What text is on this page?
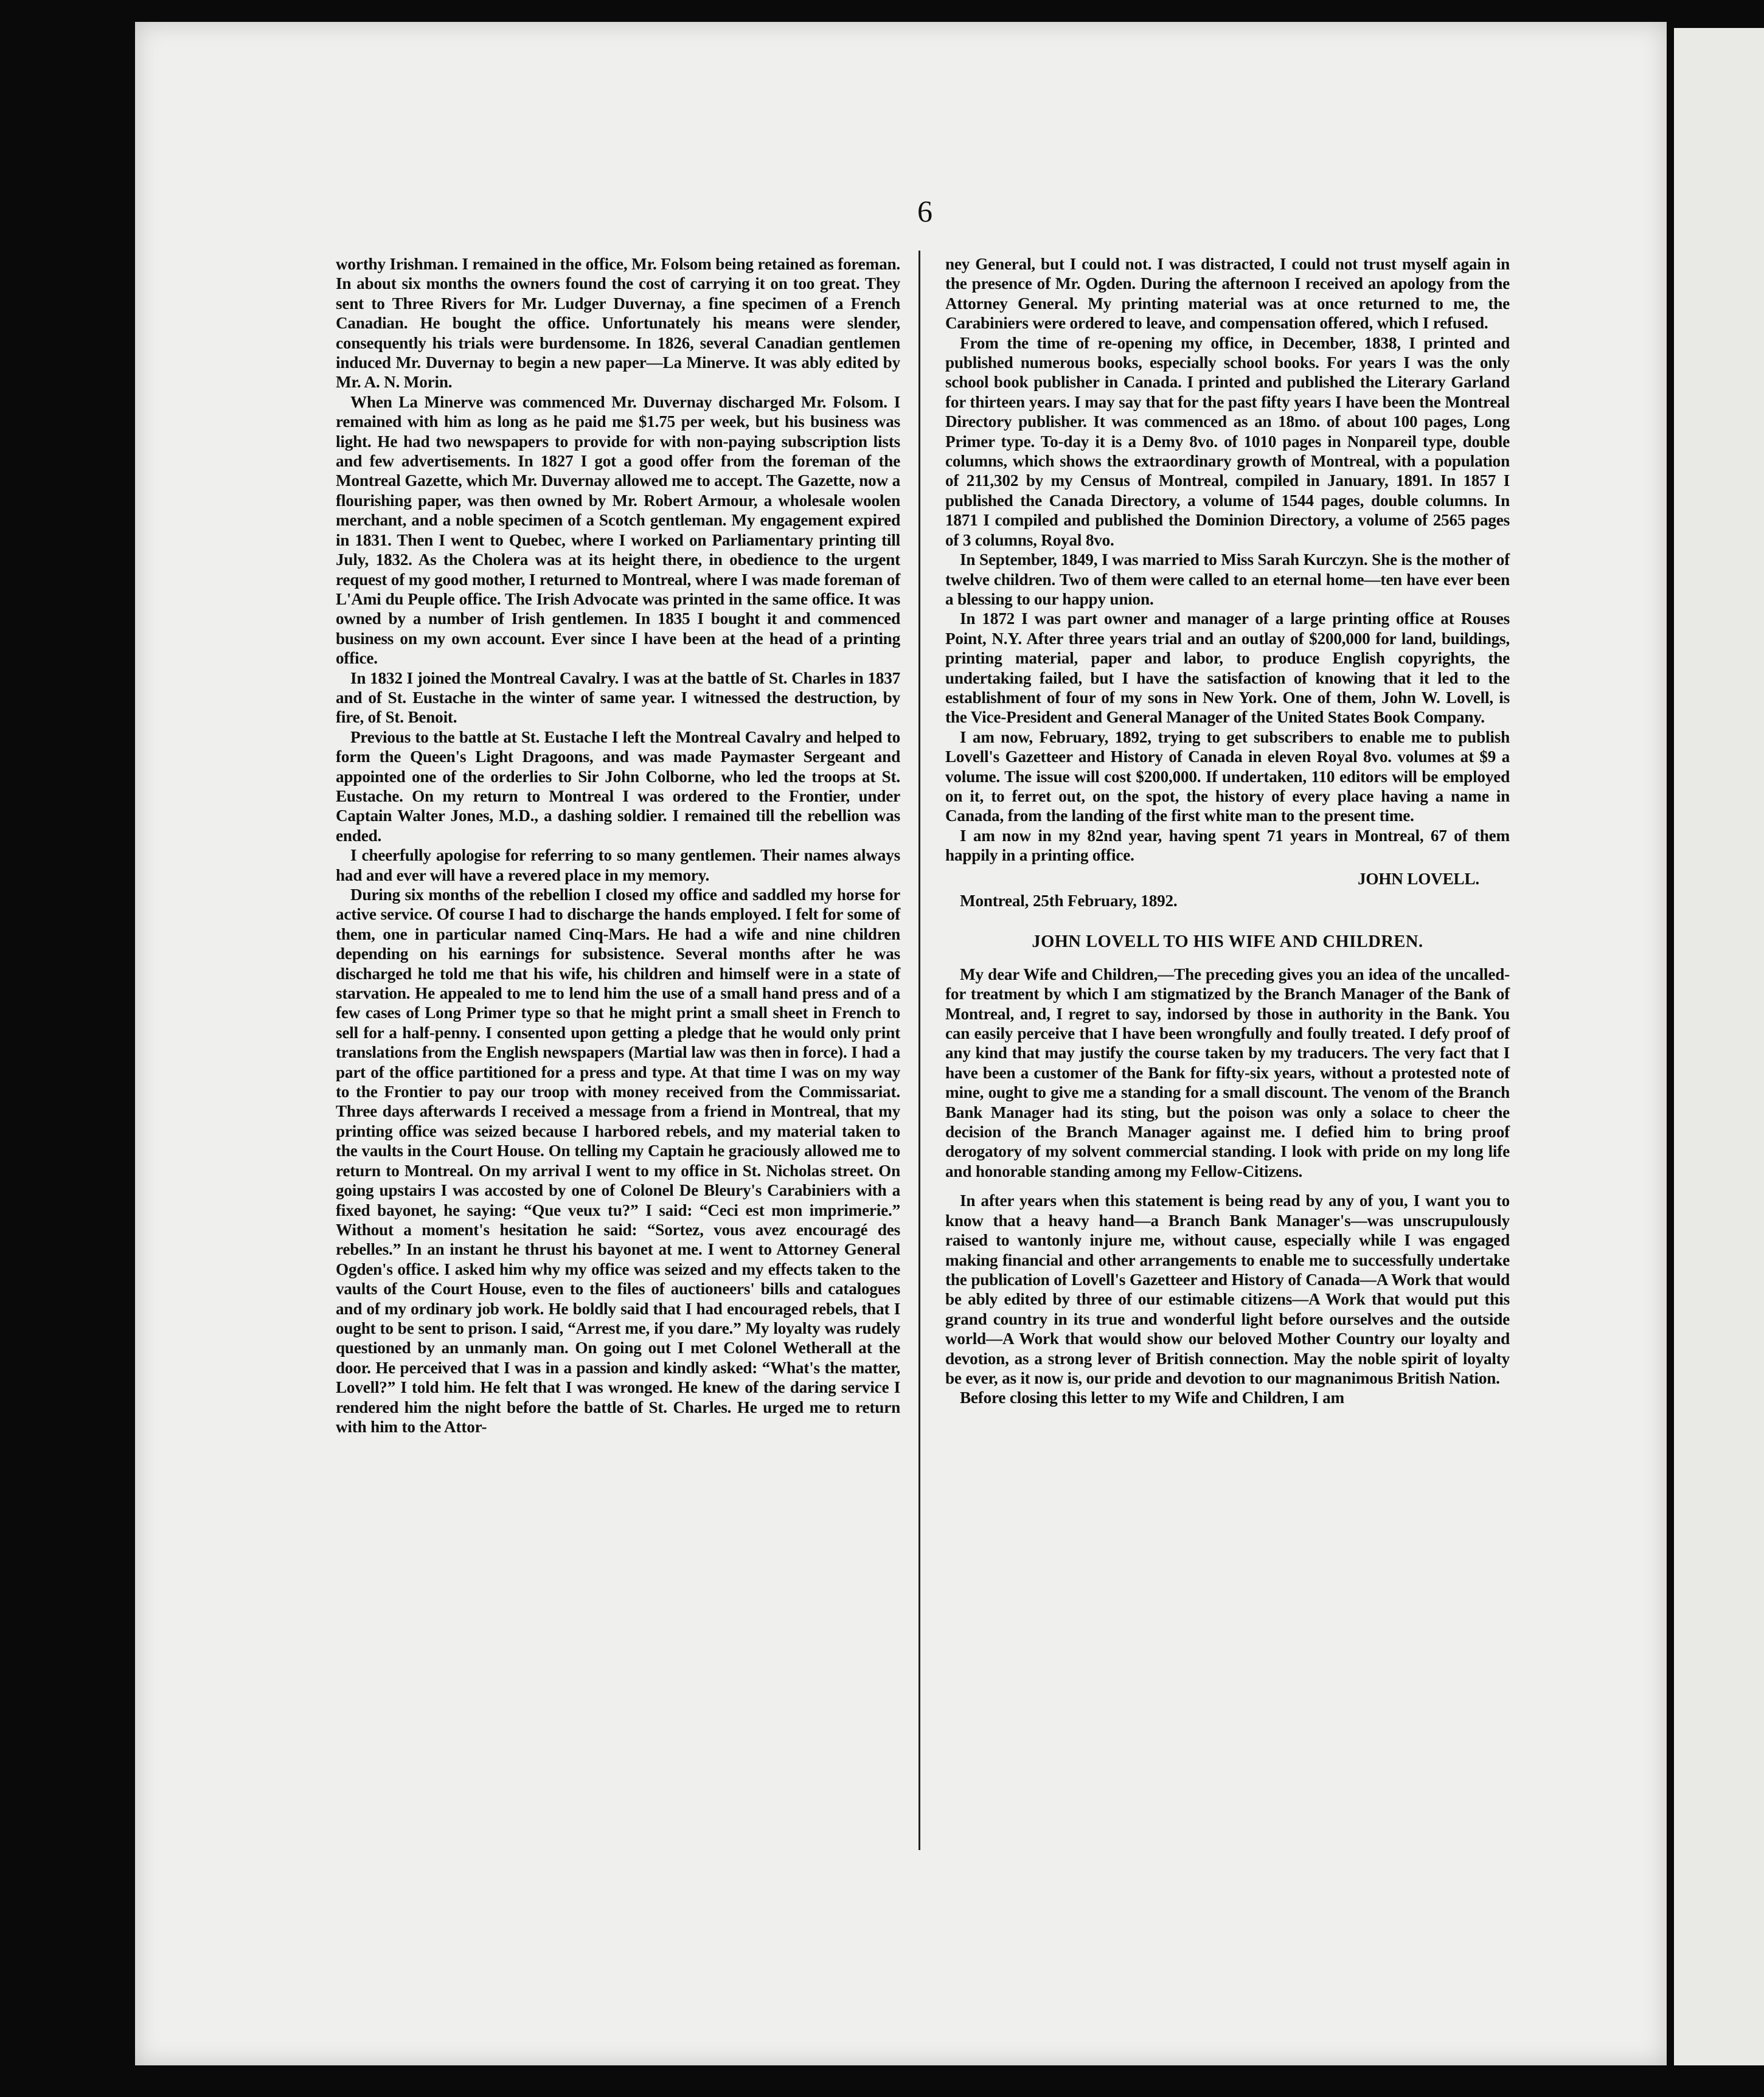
6

worthy Irishman. I remained in the office, Mr. Folsom being retained as foreman. In about six months the owners found the cost of carrying it on too great. They sent to Three Rivers for Mr. Ludger Duvernay, a fine specimen of a French Canadian. He bought the office. Unfortunately his means were slender, consequently his trials were burdensome. In 1826, several Canadian gentlemen induced Mr. Duvernay to begin a new paper—La Minerve. It was ably edited by Mr. A. N. Morin.

When La Minerve was commenced Mr. Duvernay discharged Mr. Folsom. I remained with him as long as he paid me $1.75 per week, but his business was light. He had two newspapers to provide for with non-paying subscription lists and few advertisements. In 1827 I got a good offer from the foreman of the Montreal Gazette, which Mr. Duvernay allowed me to accept. The Gazette, now a flourishing paper, was then owned by Mr. Robert Armour, a wholesale woolen merchant, and a noble specimen of a Scotch gentleman. My engagement expired in 1831. Then I went to Quebec, where I worked on Parliamentary printing till July, 1832. As the Cholera was at its height there, in obedience to the urgent request of my good mother, I returned to Montreal, where I was made foreman of L'Ami du Peuple office. The Irish Advocate was printed in the same office. It was owned by a number of Irish gentlemen. In 1835 I bought it and commenced business on my own account. Ever since I have been at the head of a printing office.

In 1832 I joined the Montreal Cavalry. I was at the battle of St. Charles in 1837 and of St. Eustache in the winter of same year. I witnessed the destruction, by fire, of St. Benoit.

Previous to the battle at St. Eustache I left the Montreal Cavalry and helped to form the Queen's Light Dragoons, and was made Paymaster Sergeant and appointed one of the orderlies to Sir John Colborne, who led the troops at St. Eustache. On my return to Montreal I was ordered to the Frontier, under Captain Walter Jones, M.D., a dashing soldier. I remained till the rebellion was ended.

I cheerfully apologise for referring to so many gentlemen. Their names always had and ever will have a revered place in my memory.

During six months of the rebellion I closed my office and saddled my horse for active service. Of course I had to discharge the hands employed. I felt for some of them, one in particular named Cinq-Mars. He had a wife and nine children depending on his earnings for subsistence. Several months after he was discharged he told me that his wife, his children and himself were in a state of starvation. He appealed to me to lend him the use of a small hand press and of a few cases of Long Primer type so that he might print a small sheet in French to sell for a half-penny. I consented upon getting a pledge that he would only print translations from the English newspapers (Martial law was then in force). I had a part of the office partitioned for a press and type. At that time I was on my way to the Frontier to pay our troop with money received from the Commissariat. Three days afterwards I received a message from a friend in Montreal, that my printing office was seized because I harbored rebels, and my material taken to the vaults in the Court House. On telling my Captain he graciously allowed me to return to Montreal. On my arrival I went to my office in St. Nicholas street. On going upstairs I was accosted by one of Colonel De Bleury's Carabiniers with a fixed bayonet, he saying: “Que veux tu?” I said: “Ceci est mon imprimerie.” Without a moment's hesitation he said: “Sortez, vous avez encouragé des rebelles.” In an instant he thrust his bayonet at me. I went to Attorney General Ogden's office. I asked him why my office was seized and my effects taken to the vaults of the Court House, even to the files of auctioneers' bills and catalogues and of my ordinary job work. He boldly said that I had encouraged rebels, that I ought to be sent to prison. I said, “Arrest me, if you dare.” My loyalty was rudely questioned by an unmanly man. On going out I met Colonel Wetherall at the door. He perceived that I was in a passion and kindly asked: “What's the matter, Lovell?” I told him. He felt that I was wronged. He knew of the daring service I rendered him the night before the battle of St. Charles. He urged me to return with him to the Attor-

ney General, but I could not. I was distracted, I could not trust myself again in the presence of Mr. Ogden. During the afternoon I received an apology from the Attorney General. My printing material was at once returned to me, the Carabiniers were ordered to leave, and compensation offered, which I refused.

From the time of re-opening my office, in December, 1838, I printed and published numerous books, especially school books. For years I was the only school book publisher in Canada. I printed and published the Literary Garland for thirteen years. I may say that for the past fifty years I have been the Montreal Directory publisher. It was commenced as an 18mo. of about 100 pages, Long Primer type. To-day it is a Demy 8vo. of 1010 pages in Nonpareil type, double columns, which shows the extraordinary growth of Montreal, with a population of 211,302 by my Census of Montreal, compiled in January, 1891. In 1857 I published the Canada Directory, a volume of 1544 pages, double columns. In 1871 I compiled and published the Dominion Directory, a volume of 2565 pages of 3 columns, Royal 8vo.

In September, 1849, I was married to Miss Sarah Kurczyn. She is the mother of twelve children. Two of them were called to an eternal home—ten have ever been a blessing to our happy union.

In 1872 I was part owner and manager of a large printing office at Rouses Point, N.Y. After three years trial and an outlay of $200,000 for land, buildings, printing material, paper and labor, to produce English copyrights, the undertaking failed, but I have the satisfaction of knowing that it led to the establishment of four of my sons in New York. One of them, John W. Lovell, is the Vice-President and General Manager of the United States Book Company.

I am now, February, 1892, trying to get subscribers to enable me to publish Lovell's Gazetteer and History of Canada in eleven Royal 8vo. volumes at $9 a volume. The issue will cost $200,000. If undertaken, 110 editors will be employed on it, to ferret out, on the spot, the history of every place having a name in Canada, from the landing of the first white man to the present time.

I am now in my 82nd year, having spent 71 years in Montreal, 67 of them happily in a printing office.

JOHN LOVELL.
Montreal, 25th February, 1892.
JOHN LOVELL TO HIS WIFE AND CHILDREN.

My dear Wife and Children,—The preceding gives you an idea of the uncalled-for treatment by which I am stigmatized by the Branch Manager of the Bank of Montreal, and, I regret to say, indorsed by those in authority in the Bank. You can easily perceive that I have been wrongfully and foully treated. I defy proof of any kind that may justify the course taken by my traducers. The very fact that I have been a customer of the Bank for fifty-six years, without a protested note of mine, ought to give me a standing for a small discount. The venom of the Branch Bank Manager had its sting, but the poison was only a solace to cheer the decision of the Branch Manager against me. I defied him to bring proof derogatory of my solvent commercial standing. I look with pride on my long life and honorable standing among my Fellow-Citizens.

In after years when this statement is being read by any of you, I want you to know that a heavy hand—a Branch Bank Manager's—was unscrupulously raised to wantonly injure me, without cause, especially while I was engaged making financial and other arrangements to enable me to successfully undertake the publication of Lovell's Gazetteer and History of Canada—A Work that would be ably edited by three of our estimable citizens—A Work that would put this grand country in its true and wonderful light before ourselves and the outside world—A Work that would show our beloved Mother Country our loyalty and devotion, as a strong lever of British connection. May the noble spirit of loyalty be ever, as it now is, our pride and devotion to our magnanimous British Nation.

Before closing this letter to my Wife and Children, I am
